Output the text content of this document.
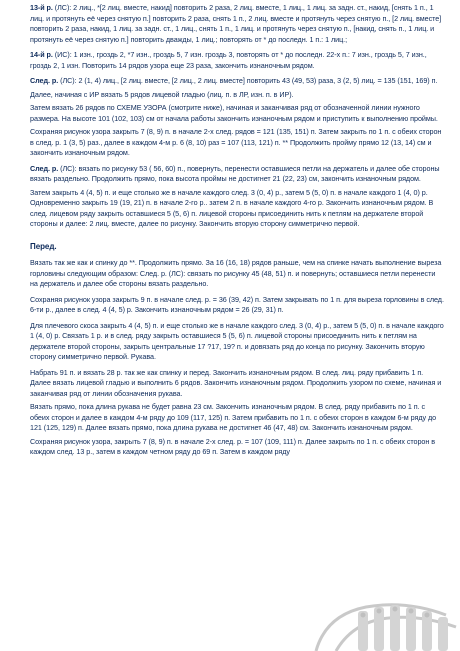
13-й р. (ЛС): 2 лиц., *[2 лиц. вместе, накид] повторить 2 раза, 2 лиц. вместе, 1 лиц., 1 лиц. за задн. ст., накид, [снять 1 п., 1 лиц. и протянуть её через снятую п.] повторить 2 раза, снять 1 п., 2 лиц. вместе и протянуть через снятую п., [2 лиц. вместе] повторить 2 раза, накид, 1 лиц. за задн. ст., 1 лиц., снять 1 п., 1 лиц. и протянуть через снятую п., [накид, снять п., 1 лиц. и протянуть её через снятую п.] повторить дважды, 1 лиц.; повторять от * до последн. 1 п.: 1 лиц.;

14-й р. (ИС): 1 изн., гроздь 2, *7 изн., гроздь 5, 7 изн. гроздь 3, повторять от * до последн. 22-х п.: 7 изн., гроздь 5, 7 изн., гроздь 2, 1 изн. Повторить 14 рядов узора еще 23 раза, закончить изнаночным рядом.

След. р. (ЛС): 2 (1, 4) лиц., [2 лиц. вместе, [2 лиц., 2 лиц. вместе] повторить 43 (49, 53) раза, 3 (2, 5) лиц. = 135 (151, 169) п.

Далее, начиная с ИР вязать 5 рядов лицевой гладью (лиц. п. в ЛР, изн. п. в ИР).

Затем вязать 26 рядов по СХЕМЕ УЗОРА (смотрите ниже), начиная и заканчивая ряд от обозначенной линии нужного размера. На высоте 101 (102, 103) см от начала работы закончить изнаночным рядом и приступить к выполнению проймы.

Сохраняя рисунок узора закрыть 7 (8, 9) п. в начале 2-х след. рядов = 121 (135, 151) п. Затем закрыть по 1 п. с обеих сторон в след. р. 1 (3, 5) раз., далее в каждом 4-м р. 6 (8, 10) раз = 107 (113, 121) п. ** Продолжить пройму прямо 12 (13, 14) см и закончить изнаночным рядом.

След. р. (ЛС): вязать по рисунку 53 ( 56, 60) п., повернуть, перенести оставшиеся петли на держатель и далее обе стороны вязать раздельно. Продолжить прямо, пока высота проймы не достигнет 21 (22, 23) см, закончить изнаночным рядом.

Затем закрыть 4 (4, 5) п. и еще столько же в начале каждого след. 3 (0, 4) р., затем 5 (5, 0) п. в начале каждого 1 (4, 0) р. Одновременно закрыть 19 (19, 21) п. в начале 2-го р.. затем 2 п. в начале каждого 4-го р. Закончить изнаночным рядом. В след. лицевом ряду закрыть оставшиеся 5 (5, 6) п. лицевой стороны присоединить нить к петлям на держателе второй стороны и далее: 2 лиц. вместе, далее по рисунку. Закончить вторую сторону симметрично первой.

Перед.

Вязать так же как и спинку до **. Продолжить прямо. За 16 (16, 18) рядов раньше, чем на спинке начать выполнение выреза горловины следующим образом: След. р. (ЛС): связать по рисунку 45 (48, 51) п. и повернуть; оставшиеся петли перенести на держатель и далее обе стороны вязать раздельно.

Сохраняя рисунок узора закрыть 9 п. в начале след. р. = 36 (39, 42) п. Затем закрывать по 1 п. для выреза горловины в след. 6-ти р., далее в след. 4 (4, 5) р. Закончить изнаночным рядом = 26 (29, 31) п.

Для плечевого скоса закрыть 4 (4, 5) п. и еще столько же в начале каждого след. 3 (0, 4) р., затем 5 (5, 0) п. в начале каждого 1 (4, 0) р. Связать 1 р. и в след. ряду закрыть оставшиеся 5 (5, 6) п. лицевой стороны присоединить нить к петлям на держателе второй стороны, закрыть центральные 17 ?17, 19? п. и довязать ряд до конца по рисунку. Закончить вторую сторону симметрично первой. Рукава.

Набрать 91 п. и вязать 28 р. так же как спинку и перед. Закончить изнаночным рядом. В след. лиц. ряду прибавить 1 п. Далее вязать лицевой гладью и выполнить 6 рядов. Закончить изнаночным рядом. Продолжить узором по схеме, начиная и заканчивая ряд от линии обозначения рукава.

Вязать прямо, пока длина рукава не будет равна 23 см. Закончить изнаночным рядом. В след. ряду прибавить по 1 п. с обеих сторон и далее в каждом 4-м ряду до 109 (117, 125) п. Затем прибавить по 1 п. с обеих сторон в каждом 6-м ряду до 121 (125, 129) п. Далее вязать прямо, пока длина рукава не достигнет 46 (47, 48) см. Закончить изнаночным рядом.

Сохраняя рисунок узора, закрыть 7 (8, 9) п. в начале 2-х след. р. = 107 (109, 111) п. Далее закрыть по 1 п. с обеих сторон в каждом след. 13 р., затем в каждом четном ряду до 69 п. Затем в каждом ряду
